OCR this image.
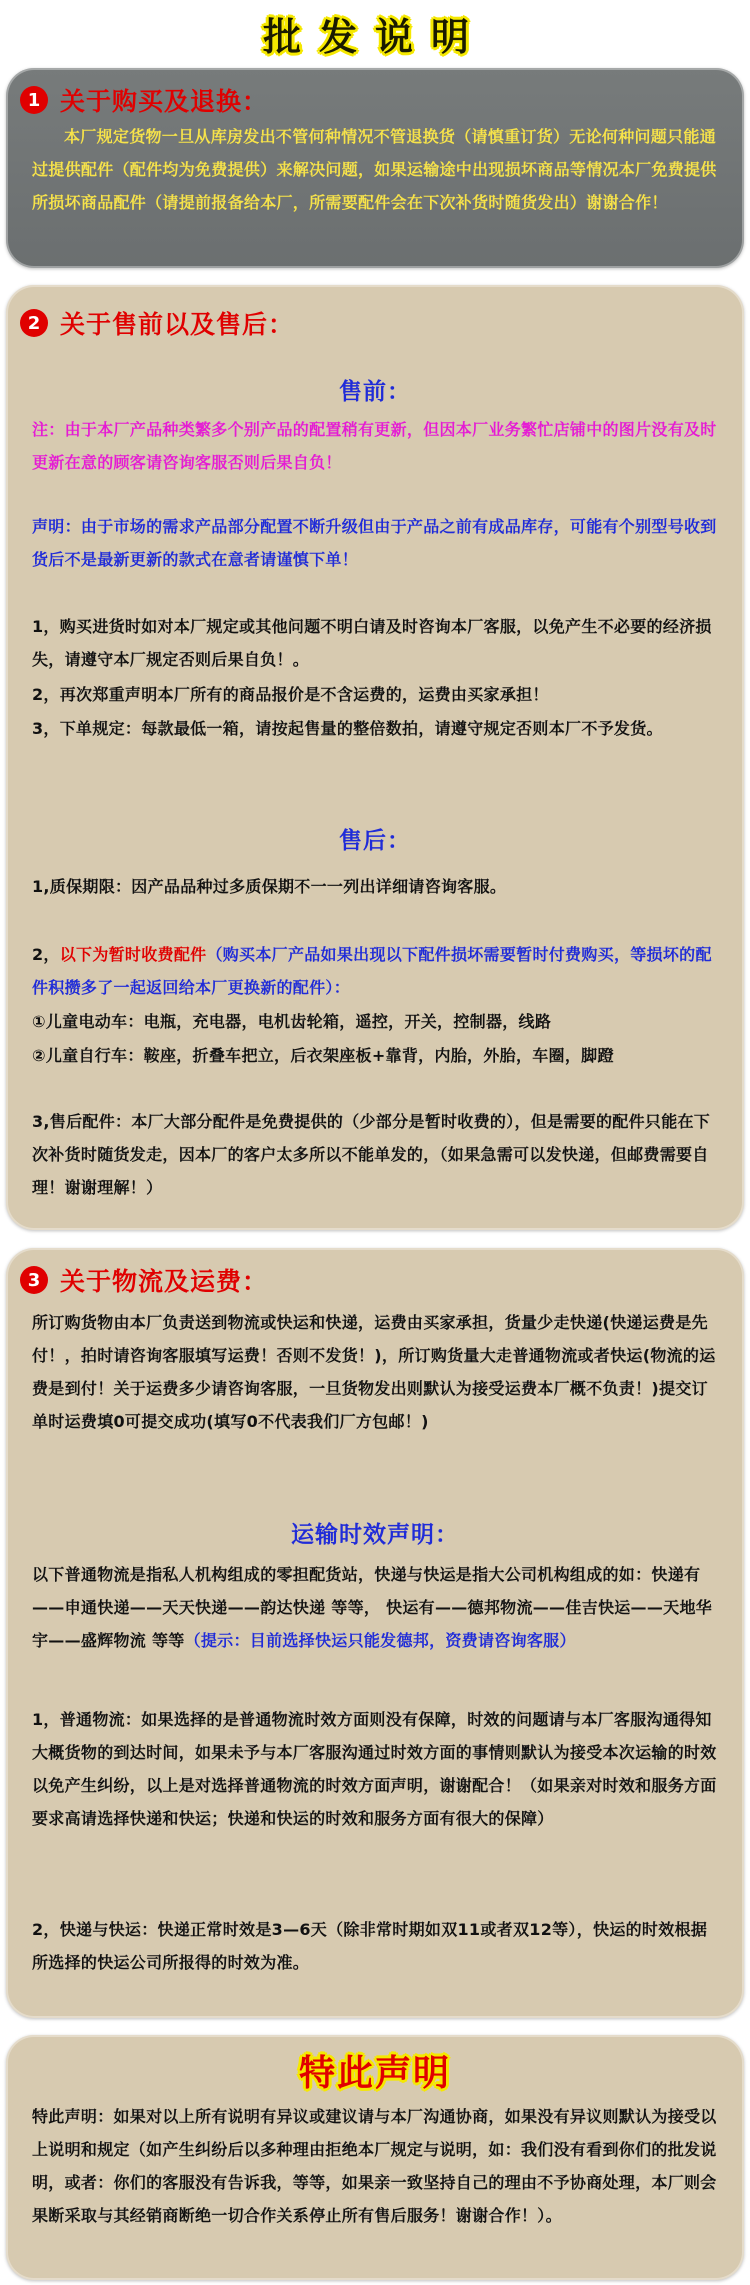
批发说明
1 关于购买及退换：
本厂规定货物一旦从库房发出不管何种情况不管退换货（请慎重订货）无论何种问题只能通过提供配件（配件均为免费提供）来解决问题，如果运输途中出现损坏商品等情况本厂免费提供所损坏商品配件（请提前报备给本厂，所需要配件会在下次补货时随货发出）谢谢合作！
2 关于售前以及售后：
售前：
注：由于本厂产品种类繁多个别产品的配置稍有更新，但因本厂业务繁忙店铺中的图片没有及时更新在意的顾客请咨询客服否则后果自负！
声明：由于市场的需求产品部分配置不断升级但由于产品之前有成品库存，可能有个别型号收到货后不是最新更新的款式在意者请谨慎下单！
1，购买进货时如对本厂规定或其他问题不明白请及时咨询本厂客服，以免产生不必要的经济损失，请遵守本厂规定否则后果自负！。
2，再次郑重声明本厂所有的商品报价是不含运费的，运费由买家承担！
3，下单规定：每款最低一箱，请按起售量的整倍数拍，请遵守规定否则本厂不予发货。
售后：
1,质保期限：因产品品种过多质保期不一一列出详细请咨询客服。
2，以下为暂时收费配件（购买本厂产品如果出现以下配件损坏需要暂时付费购买，等损坏的配件积攒多了一起返回给本厂更换新的配件）：
①儿童电动车：电瓶，充电器，电机齿轮箱，遥控，开关，控制器，线路
②儿童自行车：鞍座，折叠车把立，后衣架座板+靠背，内胎，外胎，车圈，脚蹬
3,售后配件：本厂大部分配件是免费提供的（少部分是暂时收费的），但是需要的配件只能在下次补货时随货发走，因本厂的客户太多所以不能单发的，（如果急需可以发快递，但邮费需要自理！谢谢理解！）
3 关于物流及运费：
所订购货物由本厂负责送到物流或快运和快递，运费由买家承担，货量少走快递(快递运费是先付！，拍时请咨询客服填写运费！否则不发货！)，所订购货量大走普通物流或者快运(物流的运费是到付！关于运费多少请咨询客服，一旦货物发出则默认为接受运费本厂概不负责！)提交订单时运费填0可提交成功(填写0不代表我们厂方包邮！)
运输时效声明：
以下普通物流是指私人机构组成的零担配货站，快递与快运是指大公司机构组成的如：快递有——申通快递——天天快递——韵达快递 等等， 快运有——德邦物流——佳吉快运——天地华宇——盛辉物流 等等（提示：目前选择快运只能发德邦，资费请咨询客服）
1，普通物流：如果选择的是普通物流时效方面则没有保障，时效的问题请与本厂客服沟通得知大概货物的到达时间，如果未予与本厂客服沟通过时效方面的事情则默认为接受本次运输的时效以免产生纠纷，以上是对选择普通物流的时效方面声明，谢谢配合！（如果亲对时效和服务方面要求高请选择快递和快运；快递和快运的时效和服务方面有很大的保障）
2，快递与快运：快递正常时效是3—6天（除非常时期如双11或者双12等），快运的时效根据所选择的快运公司所报得的时效为准。
特此声明
特此声明：如果对以上所有说明有异议或建议请与本厂沟通协商，如果没有异议则默认为接受以上说明和规定（如产生纠纷后以多种理由拒绝本厂规定与说明，如：我们没有看到你们的批发说明，或者：你们的客服没有告诉我，等等，如果亲一致坚持自己的理由不予协商处理，本厂则会果断采取与其经销商断绝一切合作关系停止所有售后服务！谢谢合作！）。
